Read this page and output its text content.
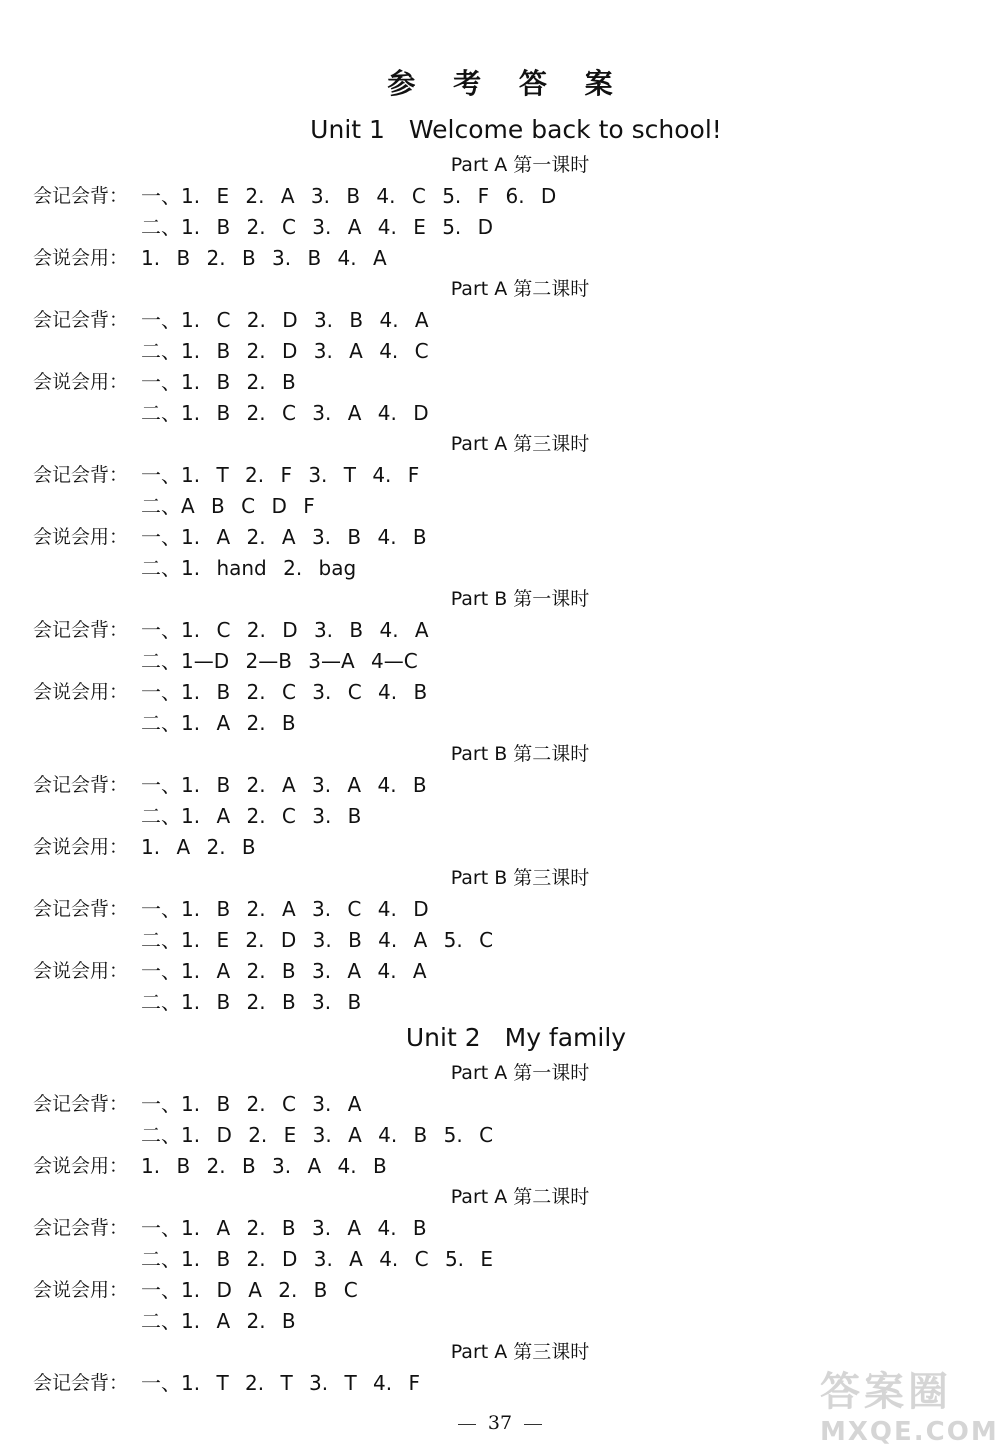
参 考 答 案
Unit 1 Welcome back to school!
Part A 第一课时
会记会背： 一、1. E 2. A 3. B 4. C 5. F 6. D
二、1. B 2. C 3. A 4. E 5. D
会说会用： 1. B 2. B 3. B 4. A
Part A 第二课时
会记会背： 一、1. C 2. D 3. B 4. A
二、1. B 2. D 3. A 4. C
会说会用： 一、1. B 2. B
二、1. B 2. C 3. A 4. D
Part A 第三课时
会记会背： 一、1. T 2. F 3. T 4. F
二、A B C D F
会说会用： 一、1. A 2. A 3. B 4. B
二、1. hand 2. bag
Part B 第一课时
会记会背： 一、1. C 2. D 3. B 4. A
二、1—D 2—B 3—A 4—C
会说会用： 一、1. B 2. C 3. C 4. B
二、1. A 2. B
Part B 第二课时
会记会背： 一、1. B 2. A 3. A 4. B
二、1. A 2. C 3. B
会说会用： 1. A 2. B
Part B 第三课时
会记会背： 一、1. B 2. A 3. C 4. D
二、1. E 2. D 3. B 4. A 5. C
会说会用： 一、1. A 2. B 3. A 4. A
二、1. B 2. B 3. B
Unit 2 My family
Part A 第一课时
会记会背： 一、1. B 2. C 3. A
二、1. D 2. E 3. A 4. B 5. C
会说会用： 1. B 2. B 3. A 4. B
Part A 第二课时
会记会背： 一、1. A 2. B 3. A 4. B
二、1. B 2. D 3. A 4. C 5. E
会说会用： 一、1. D A 2. B C
二、1. A 2. B
Part A 第三课时
会记会背： 一、1. T 2. T 3. T 4. F
37
答案圈
MXQE.COM
